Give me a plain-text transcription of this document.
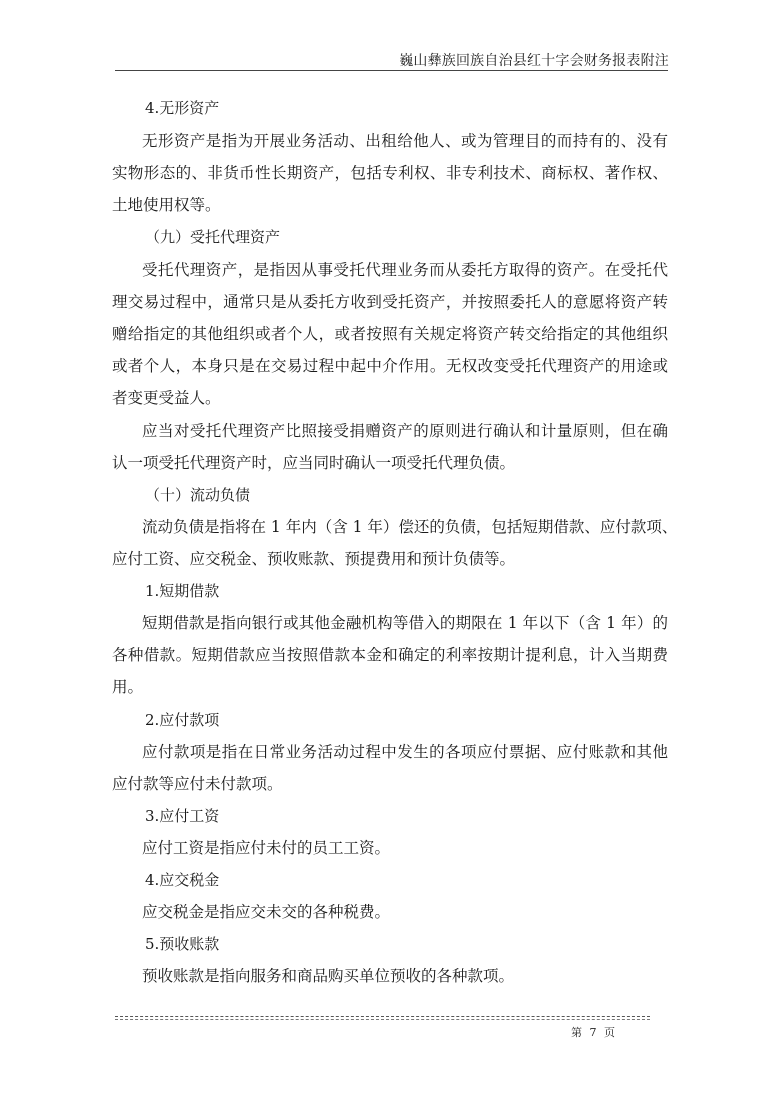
巍山彝族回族自治县红十字会财务报表附注
4.无形资产
无形资产是指为开展业务活动、出租给他人、或为管理目的而持有的、没有
实物形态的、非货币性长期资产，包括专利权、非专利技术、商标权、著作权、
土地使用权等。
（九）受托代理资产
受托代理资产，是指因从事受托代理业务而从委托方取得的资产。在受托代
理交易过程中，通常只是从委托方收到受托资产，并按照委托人的意愿将资产转
赠给指定的其他组织或者个人，或者按照有关规定将资产转交给指定的其他组织
或者个人，本身只是在交易过程中起中介作用。无权改变受托代理资产的用途或
者变更受益人。
应当对受托代理资产比照接受捐赠资产的原则进行确认和计量原则，但在确
认一项受托代理资产时，应当同时确认一项受托代理负债。
（十）流动负债
流动负债是指将在 1 年内（含 1 年）偿还的负债，包括短期借款、应付款项、
应付工资、应交税金、预收账款、预提费用和预计负债等。
1.短期借款
短期借款是指向银行或其他金融机构等借入的期限在 1 年以下（含 1 年）的
各种借款。短期借款应当按照借款本金和确定的利率按期计提利息，计入当期费
用。
2.应付款项
应付款项是指在日常业务活动过程中发生的各项应付票据、应付账款和其他
应付款等应付未付款项。
3.应付工资
应付工资是指应付未付的员工工资。
4.应交税金
应交税金是指应交未交的各种税费。
5.预收账款
预收账款是指向服务和商品购买单位预收的各种款项。
第 7 页
